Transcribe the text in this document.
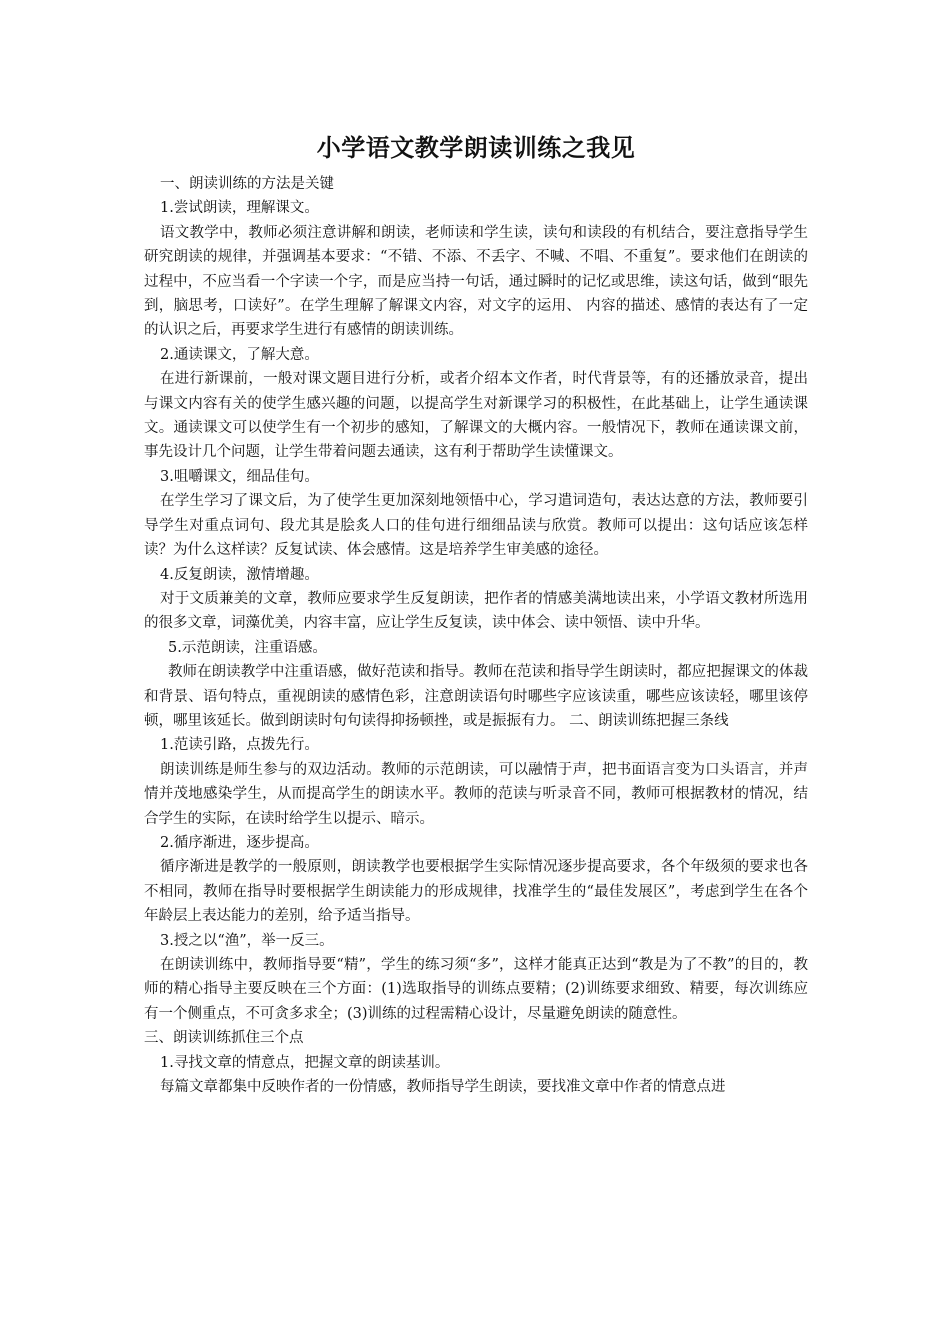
小学语文教学朗读训练之我见

一、朗读训练的方法是关键

1.尝试朗读，理解课文。

语文教学中，教师必须注意讲解和朗读，老师读和学生读，读句和读段的有机结合，要注意指导学生研究朗读的规律，并强调基本要求：“不错、不添、不丢字、不喊、不唱、不重复”。要求他们在朗读的过程中，不应当看一个字读一个字，而是应当持一句话，通过瞬时的记忆或思维，读这句话，做到“眼先到，脑思考，口读好”。在学生理解了解课文内容，对文字的运用、 内容的描述、感情的表达有了一定的认识之后，再要求学生进行有感情的朗读训练。

2.通读课文，了解大意。

在进行新课前，一般对课文题目进行分析，或者介绍本文作者，时代背景等，有的还播放录音，提出与课文内容有关的使学生感兴趣的问题，以提高学生对新课学习的积极性，在此基础上，让学生通读课文。通读课文可以使学生有一个初步的感知，了解课文的大概内容。一般情况下，教师在通读课文前，事先设计几个问题，让学生带着问题去通读，这有利于帮助学生读懂课文。

3.咀嚼课文，细品佳句。

在学生学习了课文后，为了使学生更加深刻地领悟中心，学习遣词造句，表达达意的方法，教师要引导学生对重点词句、段尤其是脍炙人口的佳句进行细细品读与欣赏。教师可以提出：这句话应该怎样读？为什么这样读？反复试读、体会感情。这是培养学生审美感的途径。

4.反复朗读，激情增趣。

对于文质兼美的文章，教师应要求学生反复朗读，把作者的情感美满地读出来，小学语文教材所选用的很多文章，词藻优美，内容丰富，应让学生反复读，读中体会、读中领悟、读中升华。

5.示范朗读，注重语感。

教师在朗读教学中注重语感，做好范读和指导。教师在范读和指导学生朗读时，都应把握课文的体裁和背景、语句特点，重视朗读的感情色彩，注意朗读语句时哪些字应该读重，哪些应该读轻，哪里该停顿，哪里该延长。做到朗读时句句读得抑扬顿挫，或是振振有力。 二、朗读训练把握三条线

1.范读引路，点拨先行。

朗读训练是师生参与的双边活动。教师的示范朗读，可以融情于声，把书面语言变为口头语言，并声情并茂地感染学生，从而提高学生的朗读水平。教师的范读与听录音不同，教师可根据教材的情况，结合学生的实际，在读时给学生以提示、暗示。

2.循序渐进，逐步提高。

循序渐进是教学的一般原则，朗读教学也要根据学生实际情况逐步提高要求，各个年级须的要求也各不相同，教师在指导时要根据学生朗读能力的形成规律，找准学生的“最佳发展区”，考虑到学生在各个年龄层上表达能力的差别，给予适当指导。

3.授之以“渔”，举一反三。

在朗读训练中，教师指导要“精”，学生的练习须“多”，这样才能真正达到“教是为了不教”的目的，教师的精心指导主要反映在三个方面：(1)选取指导的训练点要精；(2)训练要求细致、精要，每次训练应有一个侧重点，不可贪多求全；(3)训练的过程需精心设计，尽量避免朗读的随意性。

三、朗读训练抓住三个点

1.寻找文章的情意点，把握文章的朗读基训。

每篇文章都集中反映作者的一份情感，教师指导学生朗读，要找准文章中作者的情意点进
